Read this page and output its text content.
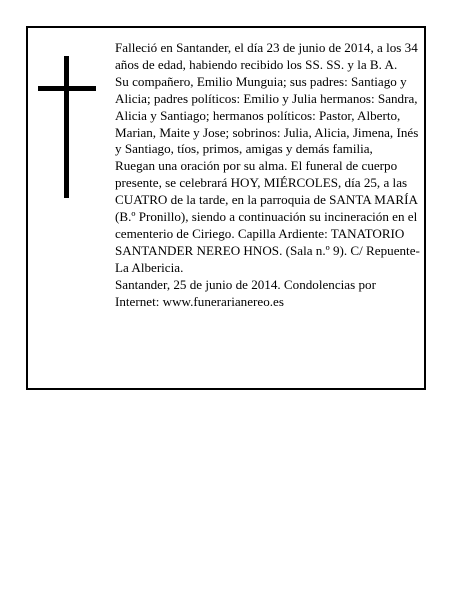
Falleció en Santander, el día 23 de junio de 2014, a los 34 años de edad, habiendo recibido los SS. SS. y la B. A.

Su compañero, Emilio Munguia; sus padres: Santiago y Alicia; padres políticos: Emilio y Julia hermanos: Sandra, Alicia y Santiago; hermanos políticos: Pastor, Alberto, Marian, Maite y Jose; sobrinos: Julia, Alicia, Jimena, Inés y Santiago, tíos, primos, amigas y demás familia,

Ruegan una oración por su alma. El funeral de cuerpo presente, se celebrará HOY, MIÉRCOLES, día 25, a las CUATRO de la tarde, en la parroquia de SANTA MARÍA (B.º Pronillo), siendo a continuación su incineración en el cementerio de Ciriego. Capilla Ardiente: TANATORIO SANTANDER NEREO HNOS. (Sala n.º 9). C/ Repuente-La Albericia.

Santander, 25 de junio de 2014. Condolencias por Internet: www.funerarianereo.es
